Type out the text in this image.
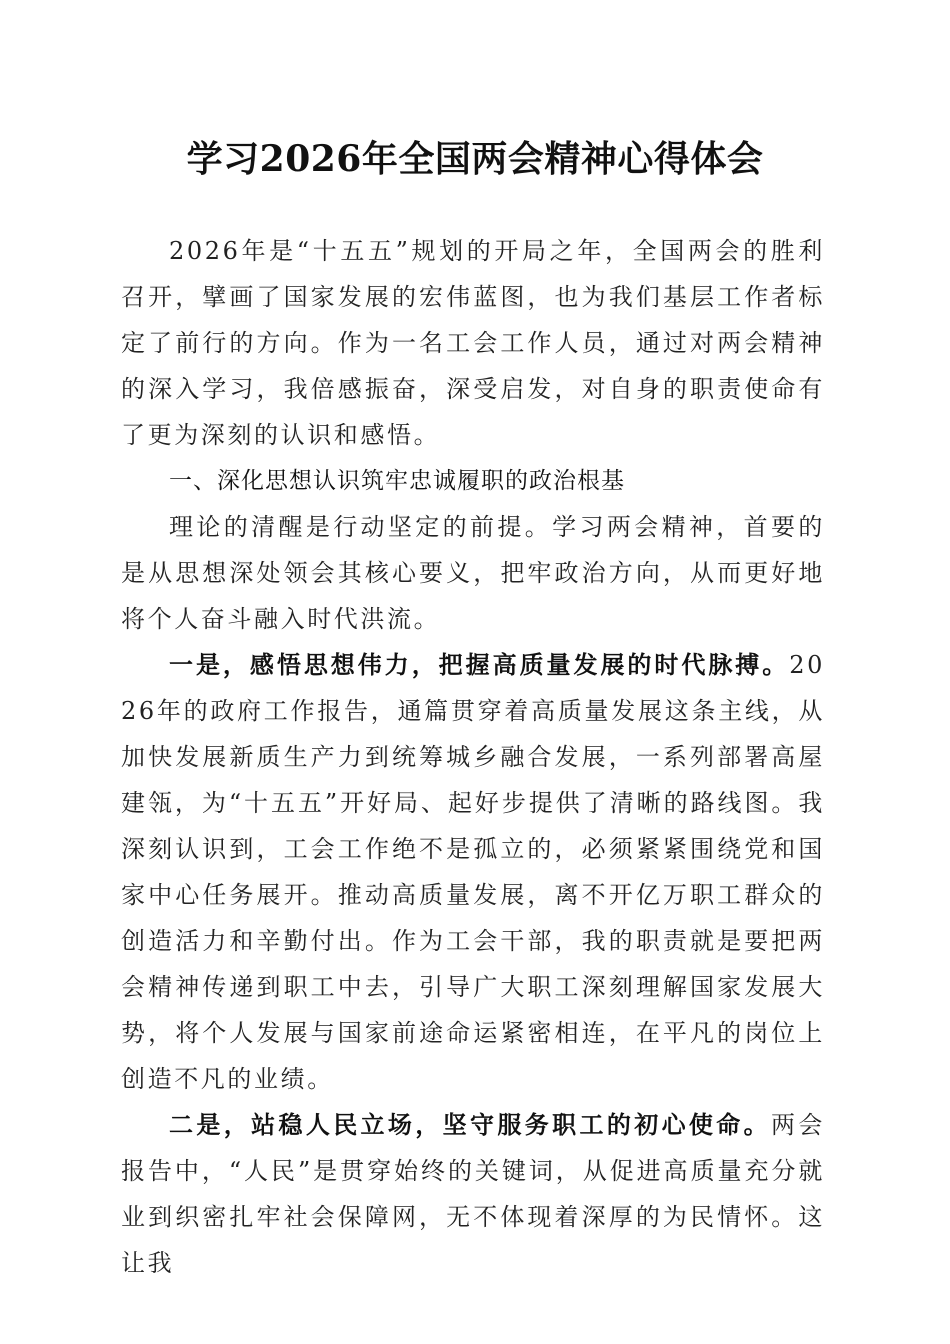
学习2026年全国两会精神心得体会

2026年是“十五五”规划的开局之年，全国两会的胜利召开，擘画了国家发展的宏伟蓝图，也为我们基层工作者标定了前行的方向。作为一名工会工作人员，通过对两会精神的深入学习，我倍感振奋，深受启发，对自身的职责使命有了更为深刻的认识和感悟。

一、深化思想认识筑牢忠诚履职的政治根基

理论的清醒是行动坚定的前提。学习两会精神，首要的是从思想深处领会其核心要义，把牢政治方向，从而更好地将个人奋斗融入时代洪流。

一是，感悟思想伟力，把握高质量发展的时代脉搏。2026年的政府工作报告，通篇贯穿着高质量发展这条主线，从加快发展新质生产力到统筹城乡融合发展，一系列部署高屋建瓴，为“十五五”开好局、起好步提供了清晰的路线图。我深刻认识到，工会工作绝不是孤立的，必须紧紧围绕党和国家中心任务展开。推动高质量发展，离不开亿万职工群众的创造活力和辛勤付出。作为工会干部，我的职责就是要把两会精神传递到职工中去，引导广大职工深刻理解国家发展大势，将个人发展与国家前途命运紧密相连，在平凡的岗位上创造不凡的业绩。

二是，站稳人民立场，坚守服务职工的初心使命。两会报告中，“人民”是贯穿始终的关键词，从促进高质量充分就业到织密扎牢社会保障网，无不体现着深厚的为民情怀。这让我
